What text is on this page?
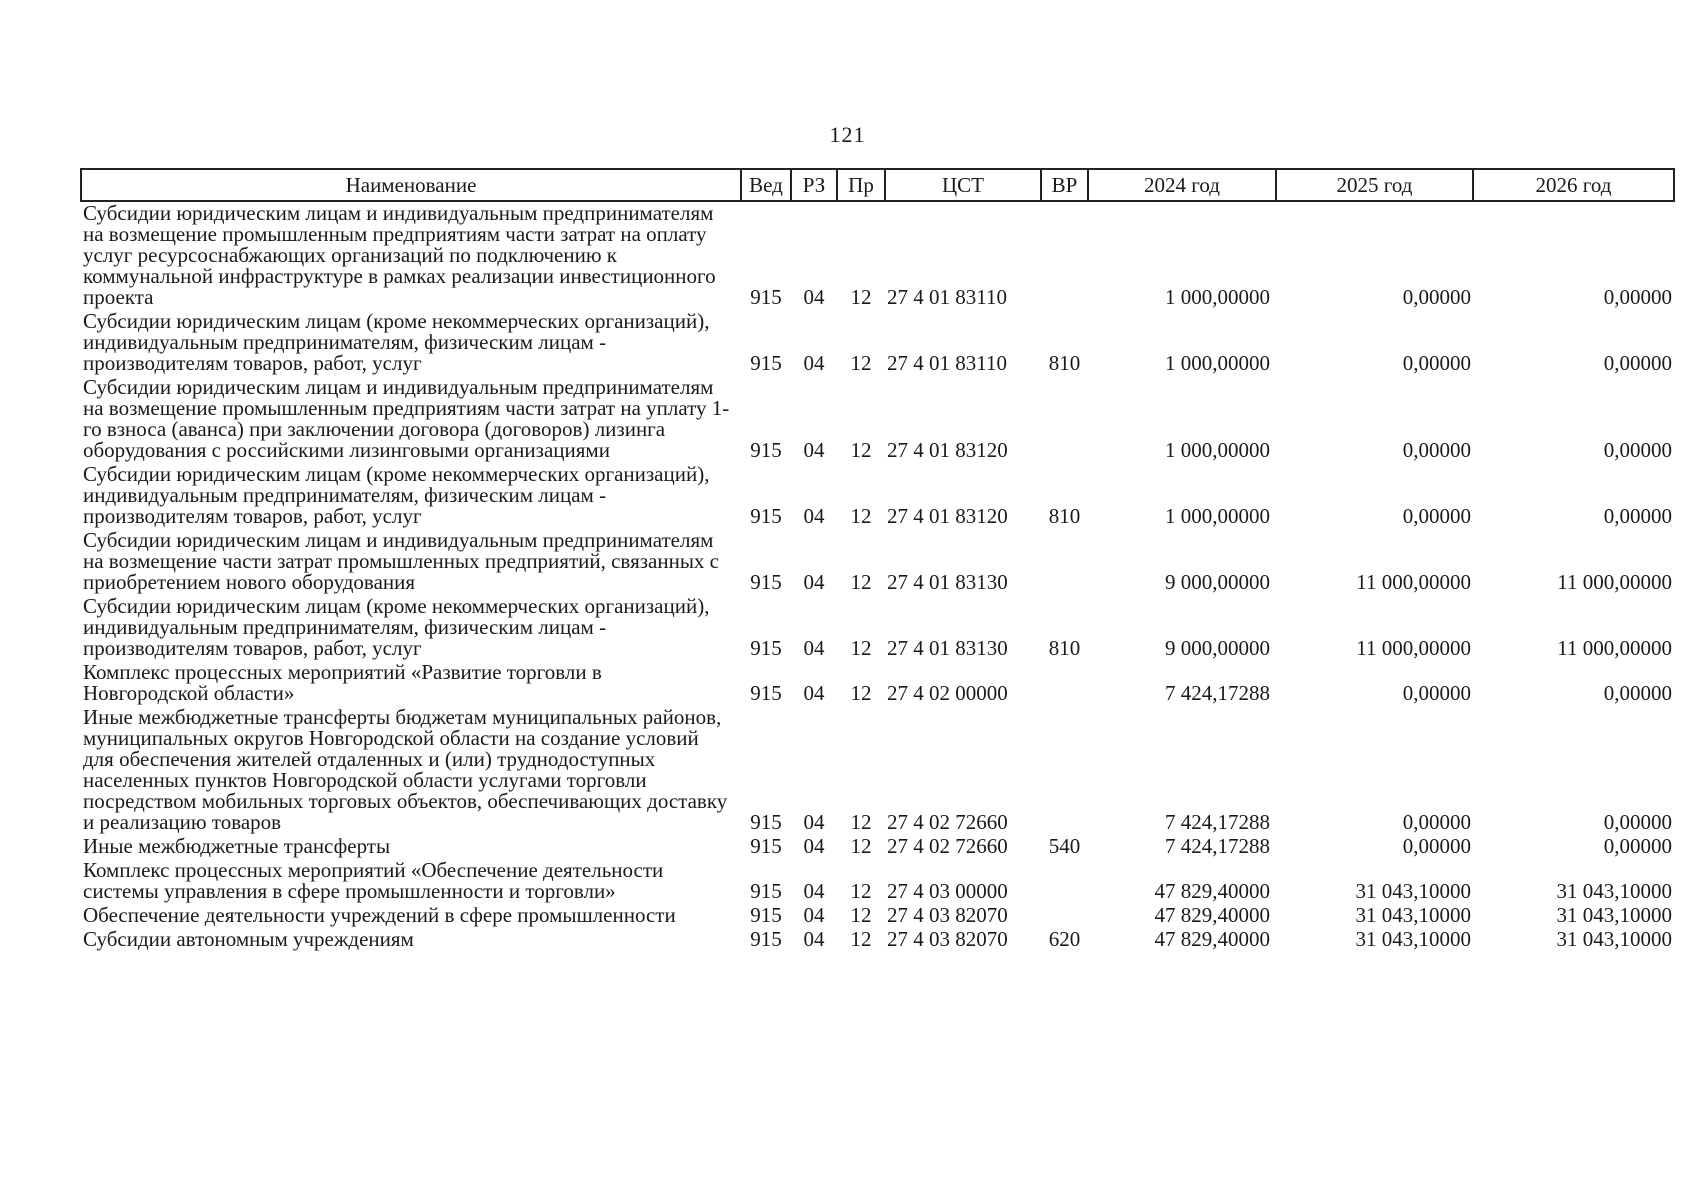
121
Наименование	Вед	РЗ	Пр	ЦСТ	ВР	2024 год	2025 год	2026 год
Субсидии юридическим лицам и индивидуальным предпринимателям на возмещение промышленным предприятиям части затрат на оплату услуг ресурсоснабжающих организаций по подключению к коммунальной инфраструктуре в рамках реализации инвестиционного проекта	915	04	12	27 4 01 83110		1 000,00000	0,00000	0,00000
Субсидии юридическим лицам (кроме некоммерческих организаций), индивидуальным предпринимателям, физическим лицам - производителям товаров, работ, услуг	915	04	12	27 4 01 83110	810	1 000,00000	0,00000	0,00000
Субсидии юридическим лицам и индивидуальным предпринимателям на возмещение промышленным предприятиям части затрат на уплату 1-го взноса (аванса) при заключении договора (договоров) лизинга оборудования с российскими лизинговыми организациями	915	04	12	27 4 01 83120		1 000,00000	0,00000	0,00000
Субсидии юридическим лицам (кроме некоммерческих организаций), индивидуальным предпринимателям, физическим лицам - производителям товаров, работ, услуг	915	04	12	27 4 01 83120	810	1 000,00000	0,00000	0,00000
Субсидии юридическим лицам и индивидуальным предпринимателям на возмещение части затрат промышленных предприятий, связанных с приобретением нового оборудования	915	04	12	27 4 01 83130		9 000,00000	11 000,00000	11 000,00000
Субсидии юридическим лицам (кроме некоммерческих организаций), индивидуальным предпринимателям, физическим лицам - производителям товаров, работ, услуг	915	04	12	27 4 01 83130	810	9 000,00000	11 000,00000	11 000,00000
Комплекс процессных мероприятий «Развитие торговли в Новгородской области»	915	04	12	27 4 02 00000		7 424,17288	0,00000	0,00000
Иные межбюджетные трансферты бюджетам муниципальных районов, муниципальных округов Новгородской области на создание условий для обеспечения жителей отдаленных и (или) труднодоступных населенных пунктов Новгородской области услугами торговли посредством мобильных торговых объектов, обеспечивающих доставку и реализацию товаров	915	04	12	27 4 02 72660		7 424,17288	0,00000	0,00000
Иные межбюджетные трансферты	915	04	12	27 4 02 72660	540	7 424,17288	0,00000	0,00000
Комплекс процессных мероприятий «Обеспечение деятельности системы управления в сфере промышленности и торговли»	915	04	12	27 4 03 00000		47 829,40000	31 043,10000	31 043,10000
Обеспечение деятельности учреждений в сфере промышленности	915	04	12	27 4 03 82070		47 829,40000	31 043,10000	31 043,10000
Субсидии автономным учреждениям	915	04	12	27 4 03 82070	620	47 829,40000	31 043,10000	31 043,10000
